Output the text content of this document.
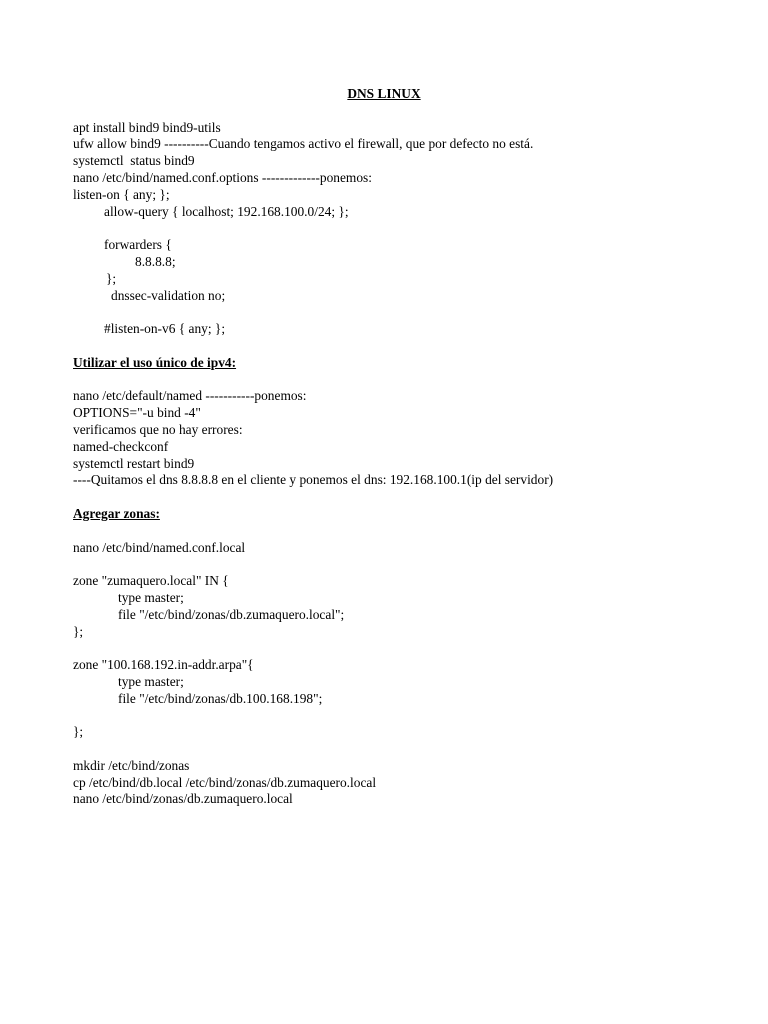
DNS LINUX
apt install bind9 bind9-utils
ufw allow bind9 ----------Cuando tengamos activo el firewall, que por defecto no está.
systemctl  status bind9
nano /etc/bind/named.conf.options -------------ponemos:
listen-on { any; };
allow-query { localhost; 192.168.100.0/24; };
forwarders {
8.8.8.8;
};
dnssec-validation no;
#listen-on-v6 { any; };
Utilizar el uso único de ipv4:
nano /etc/default/named -----------ponemos:
OPTIONS="-u bind -4"
verificamos que no hay errores:
named-checkconf
systemctl restart bind9
----Quitamos el dns 8.8.8.8 en el cliente y ponemos el dns: 192.168.100.1(ip del servidor)
Agregar zonas:
nano /etc/bind/named.conf.local
zone "zumaquero.local" IN {
type master;
file "/etc/bind/zonas/db.zumaquero.local";
};
zone "100.168.192.in-addr.arpa"{
type master;
file "/etc/bind/zonas/db.100.168.198";
};
mkdir /etc/bind/zonas
cp /etc/bind/db.local /etc/bind/zonas/db.zumaquero.local
nano /etc/bind/zonas/db.zumaquero.local
